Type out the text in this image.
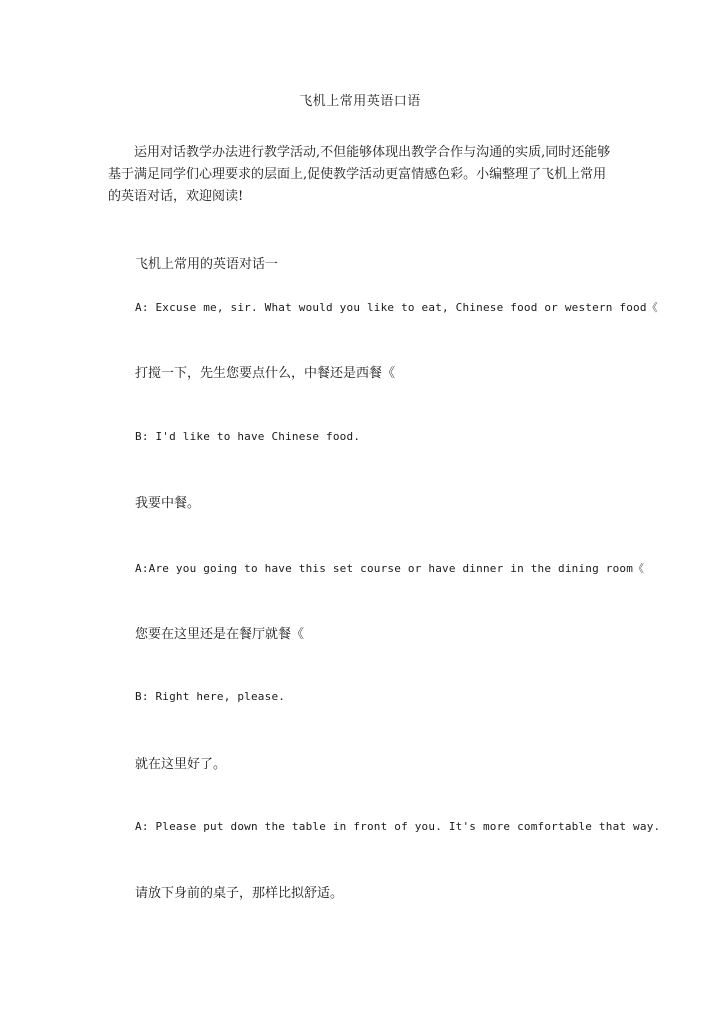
飞机上常用英语口语

运用对话教学办法进行教学活动,不但能够体现出教学合作与沟通的实质,同时还能够基于满足同学们心理要求的层面上,促使教学活动更富情感色彩。小编整理了飞机上常用的英语对话，欢迎阅读!

飞机上常用的英语对话一

A: Excuse me, sir. What would you like to eat, Chinese food or western food《

打搅一下，先生您要点什么，中餐还是西餐《

B: I'd like to have Chinese food.

我要中餐。

A:Are you going to have this set course or have dinner in the dining room《

您要在这里还是在餐厅就餐《

B: Right here, please.

就在这里好了。

A: Please put down the table in front of you. It's more comfortable that way.

请放下身前的桌子，那样比拟舒适。
